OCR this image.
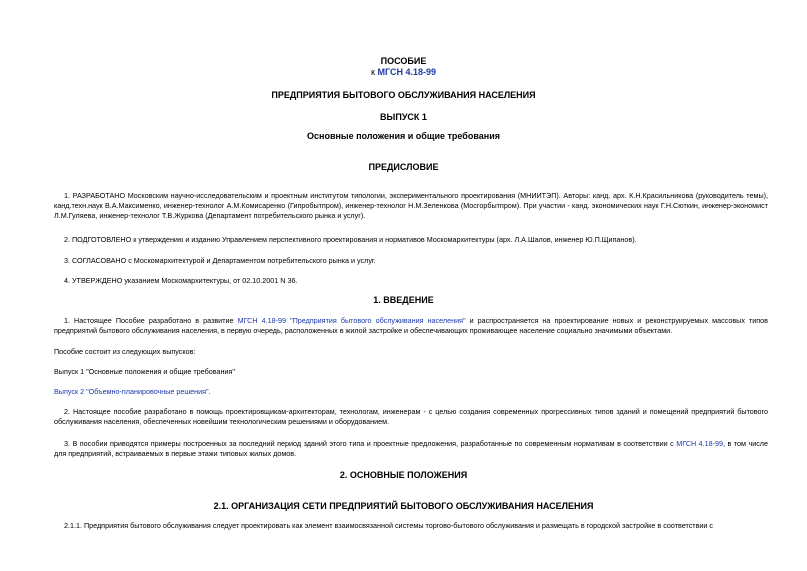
ПОСОБИЕ
к МГСН 4.18-99
ПРЕДПРИЯТИЯ БЫТОВОГО ОБСЛУЖИВАНИЯ НАСЕЛЕНИЯ
ВЫПУСК 1
Основные положения и общие требования
ПРЕДИСЛОВИЕ

1. РАЗРАБОТАНО Московским научно-исследовательским и проектным институтом типологии, экспериментального проектирования (МНИИТЭП). Авторы: канд. арх. К.Н.Красильникова (руководитель темы), канд.техн.наук В.А.Максименко, инженер-технолог А.М.Комисаренко (Гипробытпром), инженер-технолог Н.М.Зеленкова (Мосгорбытпром). При участии - канд. экономических наук Г.Н.Сюткин, инженер-экономист Л.М.Гуляева, инженер-технолог Т.В.Журкова (Департамент потребительского рынка и услуг).

2. ПОДГОТОВЛЕНО к утверждению и изданию Управлением перспективного проектирования и нормативов Москомархитектуры (арх. Л.А.Шалов, инженер Ю.П.Щипанов).

3. СОГЛАСОВАНО с Москомархитектурой и Департаментом потребительского рынка и услуг.

4. УТВЕРЖДЕНО указанием Москомархитектуры, от 02.10.2001 N 36.

1. ВВЕДЕНИЕ

1. Настоящее Пособие разработано в развитие МГСН 4.18-99 "Предприятия бытового обслуживания населения" и распространяется на проектирование новых и реконструируемых массовых типов предприятий бытового обслуживания населения, в первую очередь, расположенных в жилой застройке и обеспечивающих проживающее население социально значимыми объектами.

Пособие состоит из следующих выпусков:

Выпуск 1 "Основные положения и общие требования"

Выпуск 2 "Объемно-планировочные решения".

2. Настоящее пособие разработано в помощь проектировщикам-архитекторам, технологам, инженерам - с целью создания современных прогрессивных типов зданий и помещений предприятий бытового обслуживания населения, обеспеченных новейшим технологическим решениями и оборудованием.

3. В пособии приводятся примеры построенных за последний период зданий этого типа и проектные предложения, разработанные по современным нормативам в соответствии с МГСН 4.18-99, в том числе для предприятий, встраиваемых в первые этажи типовых жилых домов.

2. ОСНОВНЫЕ ПОЛОЖЕНИЯ
2.1. ОРГАНИЗАЦИЯ СЕТИ ПРЕДПРИЯТИЙ БЫТОВОГО ОБСЛУЖИВАНИЯ НАСЕЛЕНИЯ

2.1.1. Предприятия бытового обслуживания следует проектировать как элемент взаимосвязанной системы торгово-бытового обслуживания и размещать в городской застройке в соответствии с
